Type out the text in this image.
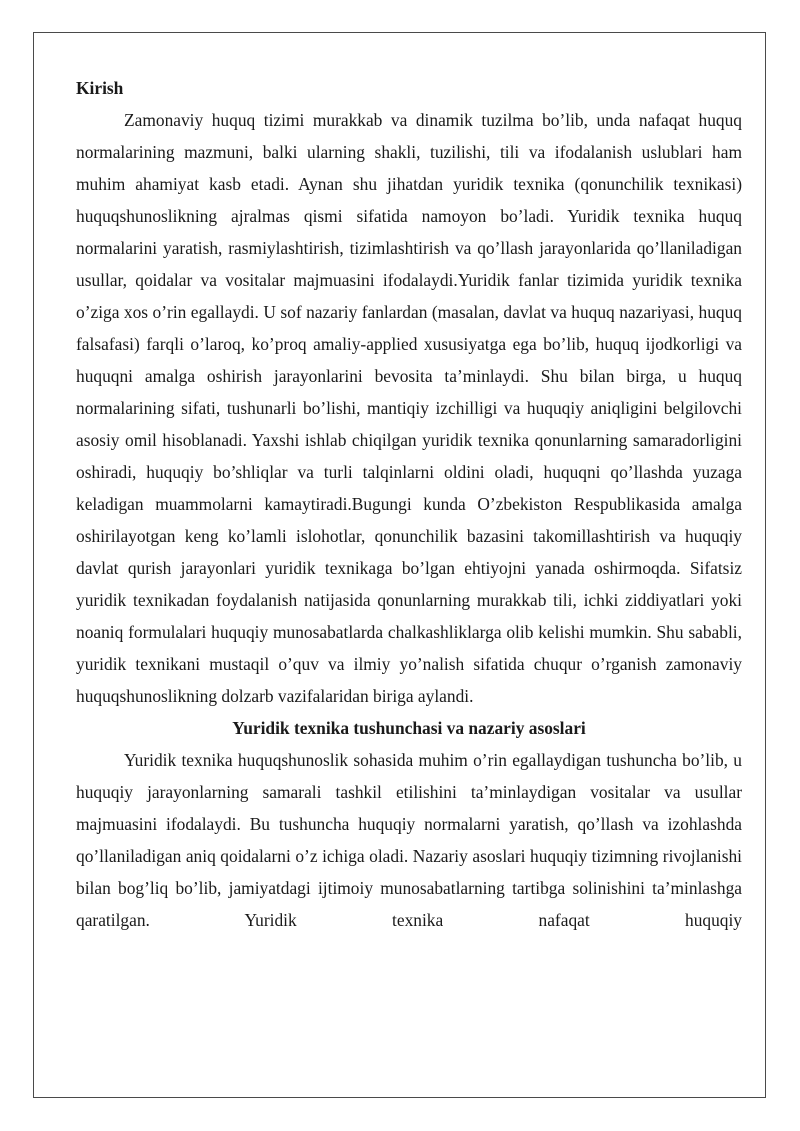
Kirish

Zamonaviy huquq tizimi murakkab va dinamik tuzilma bo’lib, unda nafaqat huquq normalarining mazmuni, balki ularning shakli, tuzilishi, tili va ifodalanish uslublari ham muhim ahamiyat kasb etadi. Aynan shu jihatdan yuridik texnika (qonunchilik texnikasi) huquqshunoslikning ajralmas qismi sifatida namoyon bo’ladi. Yuridik texnika huquq normalarini yaratish, rasmiylashtirish, tizimlashtirish va qo’llash jarayonlarida qo’llaniladigan usullar, qoidalar va vositalar majmuasini ifodalaydi.Yuridik fanlar tizimida yuridik texnika o’ziga xos o’rin egallaydi. U sof nazariy fanlardan (masalan, davlat va huquq nazariyasi, huquq falsafasi) farqli o’laroq, ko’proq amaliy-applied xususiyatga ega bo’lib, huquq ijodkorligi va huquqni amalga oshirish jarayonlarini bevosita ta’minlaydi. Shu bilan birga, u huquq normalarining sifati, tushunarli bo’lishi, mantiqiy izchilligi va huquqiy aniqligini belgilovchi asosiy omil hisoblanadi. Yaxshi ishlab chiqilgan yuridik texnika qonunlarning samaradorligini oshiradi, huquqiy bo’shliqlar va turli talqinlarni oldini oladi, huquqni qo’llashda yuzaga keladigan muammolarni kamaytiradi.Bugungi kunda O’zbekiston Respublikasida amalga oshirilayotgan keng ko’lamli islohotlar, qonunchilik bazasini takomillashtirish va huquqiy davlat qurish jarayonlari yuridik texnikaga bo’lgan ehtiyojni yanada oshirmoqda. Sifatsiz yuridik texnikadan foydalanish natijasida qonunlarning murakkab tili, ichki ziddiyatlari yoki noaniq formulalari huquqiy munosabatlarda chalkashliklarga olib kelishi mumkin. Shu sababli, yuridik texnikani mustaqil o’quv va ilmiy yo’nalish sifatida chuqur o’rganish zamonaviy huquqshunoslikning dolzarb vazifalaridan biriga aylandi.

Yuridik texnika tushunchasi va nazariy asoslari

Yuridik texnika huquqshunoslik sohasida muhim o’rin egallaydigan tushuncha bo’lib, u huquqiy jarayonlarning samarali tashkil etilishini ta’minlaydigan vositalar va usullar majmuasini ifodalaydi. Bu tushuncha huquqiy normalarni yaratish, qo’llash va izohlashda qo’llaniladigan aniq qoidalarni o’z ichiga oladi. Nazariy asoslari huquqiy tizimning rivojlanishi bilan bog’liq bo’lib, jamiyatdagi ijtimoiy munosabatlarning tartibga solinishini ta’minlashga qaratilgan. Yuridik texnika nafaqat huquqiy
